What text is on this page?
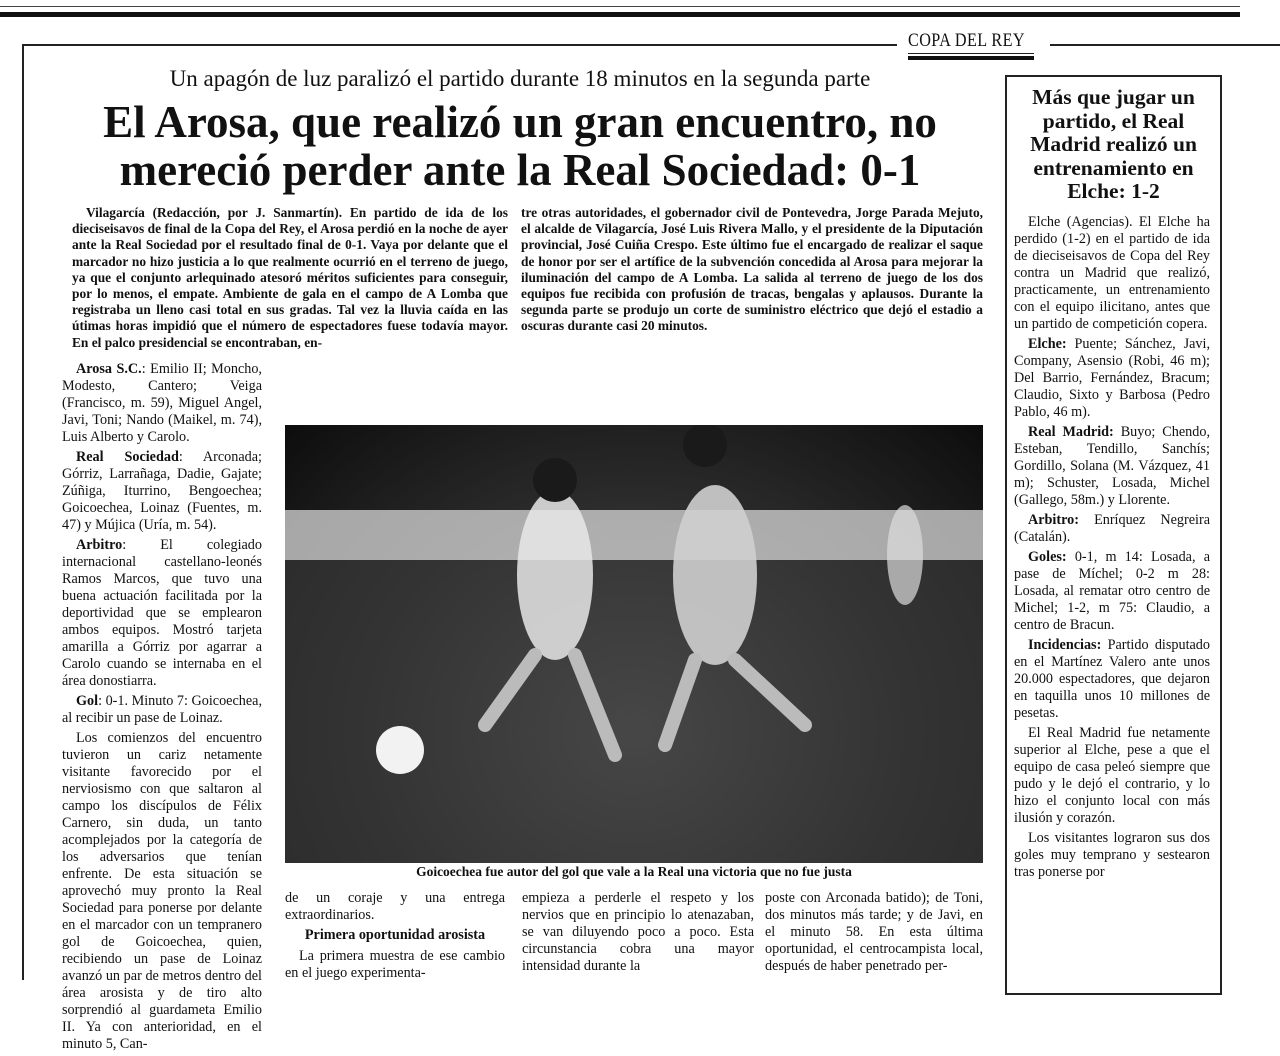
COPA DEL REY
Un apagón de luz paralizó el partido durante 18 minutos en la segunda parte
El Arosa, que realizó un gran encuentro, no
mereció perder ante la Real Sociedad: 0-1

Vilagarcía (Redacción, por J. Sanmartín). En partido de ida de los dieciseisavos de final de la Copa del Rey, el Arosa perdió en la noche de ayer ante la Real Sociedad por el resultado final de 0-1. Vaya por delante que el marcador no hizo justicia a lo que realmente ocurrió en el terreno de juego, ya que el conjunto arlequinado atesoró méritos suficientes para conseguir, por lo menos, el empate. Ambiente de gala en el campo de A Lomba que registraba un lleno casi total en sus gradas. Tal vez la lluvia caída en las útimas horas impidió que el número de espectadores fuese todavía mayor. En el palco presidencial se encontraban, en-

tre otras autoridades, el gobernador civil de Pontevedra, Jorge Parada Mejuto, el alcalde de Vilagarcía, José Luis Rivera Mallo, y el presidente de la Diputación provincial, José Cuiña Crespo. Este último fue el encargado de realizar el saque de honor por ser el artífice de la subvención concedida al Arosa para mejorar la iluminación del campo de A Lomba. La salida al terreno de juego de los dos equipos fue recibida con profusión de tracas, bengalas y aplausos. Durante la segunda parte se produjo un corte de suministro eléctrico que dejó el estadio a oscuras durante casi 20 minutos.

Arosa S.C.: Emilio II; Moncho, Modesto, Cantero; Veiga (Francisco, m. 59), Miguel Angel, Javi, Toni; Nando (Maikel, m. 74), Luis Alberto y Carolo.

Real Sociedad: Arconada; Górriz, Larrañaga, Dadie, Gajate; Zúñiga, Iturrino, Bengoechea; Goicoechea, Loinaz (Fuentes, m. 47) y Mújica (Uría, m. 54).

Arbitro: El colegiado internacional castellano-leonés Ramos Marcos, que tuvo una buena actuación facilitada por la deportividad que se emplearon ambos equipos. Mostró tarjeta amarilla a Górriz por agarrar a Carolo cuando se internaba en el área donostiarra.

Gol: 0-1. Minuto 7: Goicoechea, al recibir un pase de Loinaz.

Los comienzos del encuentro tuvieron un cariz netamente visitante favorecido por el nerviosismo con que saltaron al campo los discípulos de Félix Carnero, sin duda, un tanto acomplejados por la categoría de los adversarios que tenían enfrente. De esta situación se aprovechó muy pronto la Real Sociedad para ponerse por delante en el marcador con un tempranero gol de Goicoechea, quien, recibiendo un pase de Loinaz avanzó un par de metros dentro del área arosista y de tiro alto sorprendió al guardameta Emilio II. Ya con anterioridad, en el minuto 5, Can-

Goicoechea fue autor del gol que vale a la Real una victoria que no fue justa

de un coraje y una entrega extraordinarios.

Primera oportunidad arosista

La primera muestra de ese cambio en el juego experimenta-

empieza a perderle el respeto y los nervios que en principio lo atenazaban, se van diluyendo poco a poco. Esta circunstancia cobra una mayor intensidad durante la

poste con Arconada batido); de Toni, dos minutos más tarde; y de Javi, en el minuto 58. En esta última oportunidad, el centrocampista local, después de haber penetrado per-

Más que jugar un partido, el Real Madrid realizó un entrenamiento en Elche: 1-2

Elche (Agencias). El Elche ha perdido (1-2) en el partido de ida de dieciseisavos de Copa del Rey contra un Madrid que realizó, practicamente, un entrenamiento con el equipo ilicitano, antes que un partido de competición copera.

Elche: Puente; Sánchez, Javi, Company, Asensio (Robi, 46 m); Del Barrio, Fernández, Bracum; Claudio, Sixto y Barbosa (Pedro Pablo, 46 m).

Real Madrid: Buyo; Chendo, Esteban, Tendillo, Sanchís; Gordillo, Solana (M. Vázquez, 41 m); Schuster, Losada, Michel (Gallego, 58m.) y Llorente.

Arbitro: Enríquez Negreira (Catalán).

Goles: 0-1, m 14: Losada, a pase de Míchel; 0-2 m 28: Losada, al rematar otro centro de Michel; 1-2, m 75: Claudio, a centro de Bracun.

Incidencias: Partido disputado en el Martínez Valero ante unos 20.000 espectadores, que dejaron en taquilla unos 10 millones de pesetas.

El Real Madrid fue netamente superior al Elche, pese a que el equipo de casa peleó siempre que pudo y le dejó el contrario, y lo hizo el conjunto local con más ilusión y corazón.

Los visitantes lograron sus dos goles muy temprano y sestearon tras ponerse por
